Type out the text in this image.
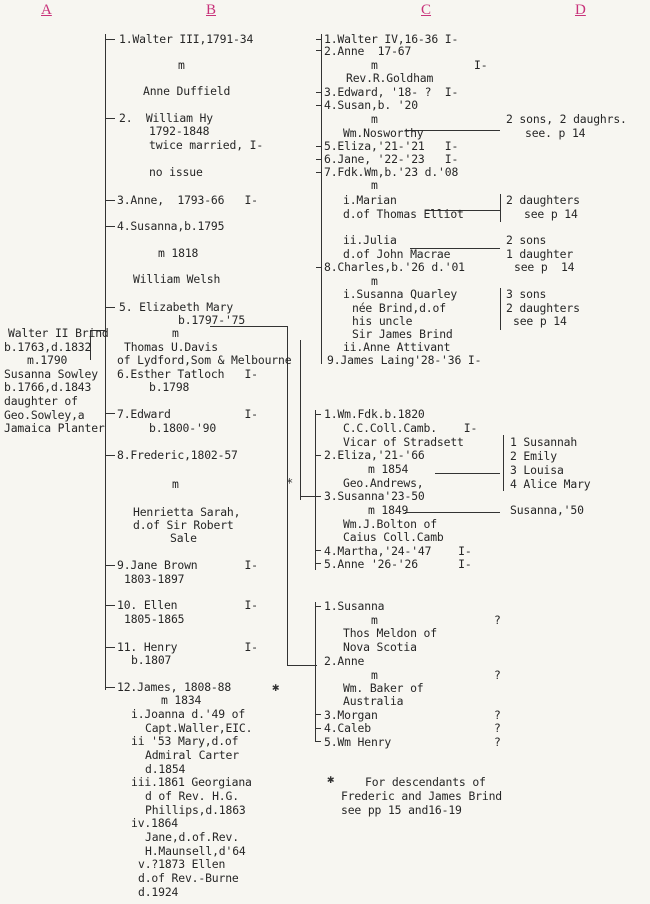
A	B	C	D
Walter II Brind
b.1763,d.1832
m.1790
Susanna Sowley
b.1766,d.1843
daughter of
Geo.Sowley,a
Jamaica Planter
1.Walter III,1791-34
m
Anne Duffield
2.  William Hy
1792-1848
twice married, I-
no issue
3.Anne,  1793-66   I-
4.Susanna,b.1795
m 1818
William Welsh
5. Elizabeth Mary
b.1797-'75
m
Thomas U.Davis
of Lydford,Som & Melbourne
6.Esther Tatloch   I-
b.1798
7.Edward           I-
b.1800-'90
8.Frederic,1802-57
m	*
Henrietta Sarah,
d.of Sir Robert
Sale
9.Jane Brown       I-
1803-1897
10. Ellen          I-
1805-1865
11. Henry          I-
b.1807
12.James, 1808-88	✱
m 1834
i.Joanna d.'49 of
Capt.Waller,EIC.
ii '53 Mary,d.of
Admiral Carter
d.1854
iii.1861 Georgiana
d of Rev. H.G.
Phillips,d.1863
iv.1864
Jane,d.of.Rev.
H.Maunsell,d'64
v.?1873 Ellen
d.of Rev.-Burne
d.1924
1.Walter IV,16-36 I-
2.Anne  17-67
m	I-
Rev.R.Goldham
3.Edward, '18- ?  I-
4.Susan,b. '20
m
Wm.Nosworthy
5.Eliza,'21-'21   I-
6.Jane, '22-'23   I-
7.Fdk.Wm,b.'23 d.'08
m
i.Marian
d.of Thomas Elliot
ii.Julia
d.of John Macrae
8.Charles,b.'26 d.'01
m
i.Susanna Quarley
née Brind,d.of
his uncle
Sir James Brind
ii.Anne Attivant
9.James Laing'28-'36 I-
1.Wm.Fdk.b.1820
C.C.Coll.Camb.    I-
Vicar of Stradsett
2.Eliza,'21-'66
m 1854
Geo.Andrews,
3.Susanna'23-50
m 1849
Wm.J.Bolton of
Caius Coll.Camb
4.Martha,'24-'47    I-
5.Anne '26-'26      I-
1.Susanna
m	?
Thos Meldon of
Nova Scotia
2.Anne
m	?
Wm. Baker of
Australia
3.Morgan	?
4.Caleb	?
5.Wm Henry	?
2 sons, 2 daughrs.
see. p 14
2 daughters
see p 14
2 sons
1 daughter
see p  14
3 sons
2 daughters
see p 14
1 Susannah
2 Emily
3 Louisa
4 Alice Mary
Susanna,'50
✱	For descendants of
Frederic and James Brind
see pp 15 and16-19
